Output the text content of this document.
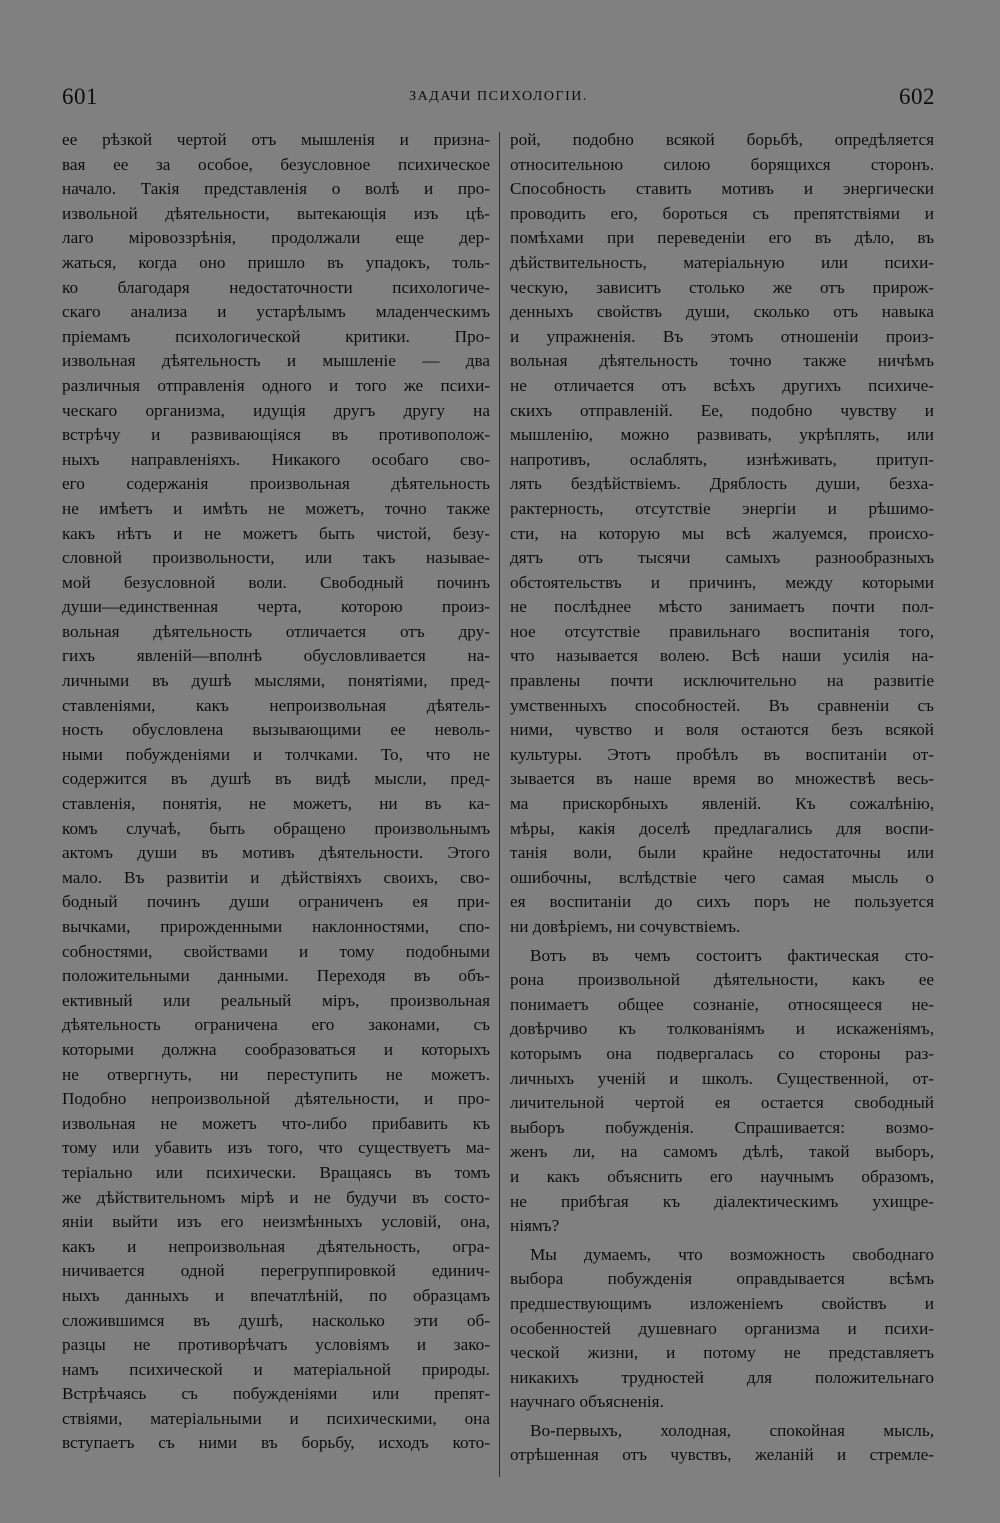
601	ЗАДАЧИ ПСИХОЛОГІИ.	602
ее рѣзкой чертой отъ мышленія и призна-
вая ее за особое, безусловное психическое
начало. Такія представленія о волѣ и про-
извольной дѣятельности, вытекающія изъ цѣ-
лаго міровоззрѣнія, продолжали еще дер-
жаться, когда оно пришло въ упадокъ, толь-
ко благодаря недостаточности психологиче-
скаго анализа и устарѣлымъ младенческимъ
пріемамъ психологической критики. Про-
извольная дѣятельность и мышленіе — два
различныя отправленія одного и того же психи-
ческаго организма, идущія другъ другу на
встрѣчу и развивающіяся въ противополож-
ныхъ направленіяхъ. Никакого особаго сво-
его содержанія произвольная дѣятельность
не имѣетъ и имѣть не можетъ, точно также
какъ нѣтъ и не можетъ быть чистой, безу-
словной произвольности, или такъ называе-
мой безусловной воли. Свободный починъ
души—единственная черта, которою произ-
вольная дѣятельность отличается отъ дру-
гихъ явленій—вполнѣ обусловливается на-
личными въ душѣ мыслями, понятіями, пред-
ставленіями, какъ непроизвольная дѣятель-
ность обусловлена вызывающими ее неволь-
ными побужденіями и толчками. То, что не
содержится въ душѣ въ видѣ мысли, пред-
ставленія, понятія, не можетъ, ни въ ка-
комъ случаѣ, быть обращено произвольнымъ
актомъ души въ мотивъ дѣятельности. Этого
мало. Въ развитіи и дѣйствіяхъ своихъ, сво-
бодный починъ души ограниченъ ея при-
вычками, прирожденными наклонностями, спо-
собностями, свойствами и тому подобными
положительными данными. Переходя въ объ-
ективный или реальный міръ, произвольная
дѣятельность ограничена его законами, съ
которыми должна сообразоваться и которыхъ
не отвергнуть, ни переступить не можетъ.
Подобно непроизвольной дѣятельности, и про-
извольная не можетъ что-либо прибавить къ
тому или убавить изъ того, что существуетъ ма-
теріально или психически. Вращаясь въ томъ
же дѣйствительномъ мірѣ и не будучи въ состо-
яніи выйти изъ его неизмѣнныхъ условій, она,
какъ и непроизвольная дѣятельность, огра-
ничивается одной перегруппировкой единич-
ныхъ данныхъ и впечатлѣній, по образцамъ
сложившимся въ душѣ, насколько эти об-
разцы не противорѣчатъ условіямъ и зако-
намъ психической и матеріальной природы.
Встрѣчаясь съ побужденіями или препят-
ствіями, матеріальными и психическими, она
вступаетъ съ ними въ борьбу, исходъ кото-
рой, подобно всякой борьбѣ, опредѣляется
относительною силою борящихся сторонъ.
Способность ставить мотивъ и энергически
проводить его, бороться съ препятствіями и
помѣхами при переведеніи его въ дѣло, въ
дѣйствительность, матеріальную или психи-
ческую, зависитъ столько же отъ прирож-
денныхъ свойствъ души, сколько отъ навыка
и упражненія. Въ этомъ отношеніи произ-
вольная дѣятельность точно также ничѣмъ
не отличается отъ всѣхъ другихъ психиче-
скихъ отправленій. Ее, подобно чувству и
мышленію, можно развивать, укрѣплять, или
напротивъ, ослаблять, изнѣживать, притуп-
лять бездѣйствіемъ. Дряблость души, безха-
рактерность, отсутствіе энергіи и рѣшимо-
сти, на которую мы всѣ жалуемся, происхо-
дятъ отъ тысячи самыхъ разнообразныхъ
обстоятельствъ и причинъ, между которыми
не послѣднее мѣсто занимаетъ почти пол-
ное отсутствіе правильнаго воспитанія того,
что называется волею. Всѣ наши усилія на-
правлены почти исключительно на развитіе
умственныхъ способностей. Въ сравненіи съ
ними, чувство и воля остаются безъ всякой
культуры. Этотъ пробѣлъ въ воспитаніи от-
зывается въ наше время во множествѣ весь-
ма прискорбныхъ явленій. Къ сожалѣнію,
мѣры, какія доселѣ предлагались для воспи-
танія воли, были крайне недостаточны или
ошибочны, вслѣдствіе чего самая мысль о
ея воспитаніи до сихъ поръ не пользуется
ни довѣріемъ, ни сочувствіемъ.
Вотъ въ чемъ состоитъ фактическая сто-
рона произвольной дѣятельности, какъ ее
понимаетъ общее сознаніе, относящееся не-
довѣрчиво къ толкованіямъ и искаженіямъ,
которымъ она подвергалась со стороны раз-
личныхъ ученій и школъ. Существенной, от-
личительной чертой ея остается свободный
выборъ побужденія. Спрашивается: возмо-
женъ ли, на самомъ дѣлѣ, такой выборъ,
и какъ объяснить его научнымъ образомъ,
не прибѣгая къ діалектическимъ ухищре-
ніямъ?
Мы думаемъ, что возможность свободнаго
выбора побужденія оправдывается всѣмъ
предшествующимъ изложеніемъ свойствъ и
особенностей душевнаго организма и психи-
ческой жизни, и потому не представляетъ
никакихъ трудностей для положительнаго
научнаго объясненія.
Во-первыхъ, холодная, спокойная мысль,
отрѣшенная отъ чувствъ, желаній и стремле-
